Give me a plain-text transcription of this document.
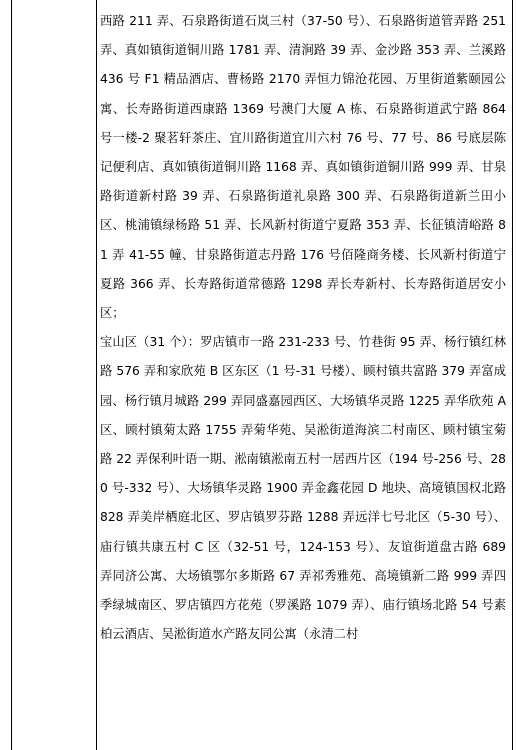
西路 211 弄、石泉路街道石岚三村（37-50 号）、石泉路街道管弄路 251 弄、真如镇街道铜川路 1781 弄、清涧路 39 弄、金沙路 353 弄、兰溪路 436 号 F1 精品酒店、曹杨路 2170 弄恒力锦沧花园、万里街道紫颐园公寓、长寿路街道西康路 1369 号澳门大厦 A 栋、石泉路街道武宁路 864 号一楼-2 聚茗轩茶庄、宜川路街道宜川六村 76 号、77 号、86 号底层陈记便利店、真如镇街道铜川路 1168 弄、真如镇街道铜川路 999 弄、甘泉路街道新村路 39 弄、石泉路街道礼泉路 300 弄、石泉路街道新兰田小区、桃浦镇绿杨路 51 弄、长风新村街道宁夏路 353 弄、长征镇清峪路 81 弄 41-55 幢、甘泉路街道志丹路 176 号佰隆商务楼、长风新村街道宁夏路 366 弄、长寿路街道常德路 1298 弄长寿新村、长寿路街道居安小区；

宝山区（31 个）：罗店镇市一路 231-233 号、竹巷街 95 弄、杨行镇红林路 576 弄和家欣苑 B 区东区（1 号-31 号楼）、顾村镇共富路 379 弄富成园、杨行镇月城路 299 弄同盛嘉园西区、大场镇华灵路 1225 弄华欣苑 A 区、顾村镇菊太路 1755 弄菊华苑、吴淞街道海滨二村南区、顾村镇宝菊路 22 弄保利叶语一期、淞南镇淞南五村一居西片区（194 号-256 号、280 号-332 号）、大场镇华灵路 1900 弄金鑫花园 D 地块、高境镇国权北路 828 弄美岸栖庭北区、罗店镇罗芬路 1288 弄远洋七号北区（5-30 号）、庙行镇共康五村 C 区（32-51 号，124-153 号）、友谊街道盘古路 689 弄同济公寓、大场镇鄂尔多斯路 67 弄祁秀雅苑、高境镇新二路 999 弄四季绿城南区、罗店镇四方花苑（罗溪路 1079 弄）、庙行镇场北路 54 号素柏云酒店、吴淞街道水产路友同公寓（永清二村
